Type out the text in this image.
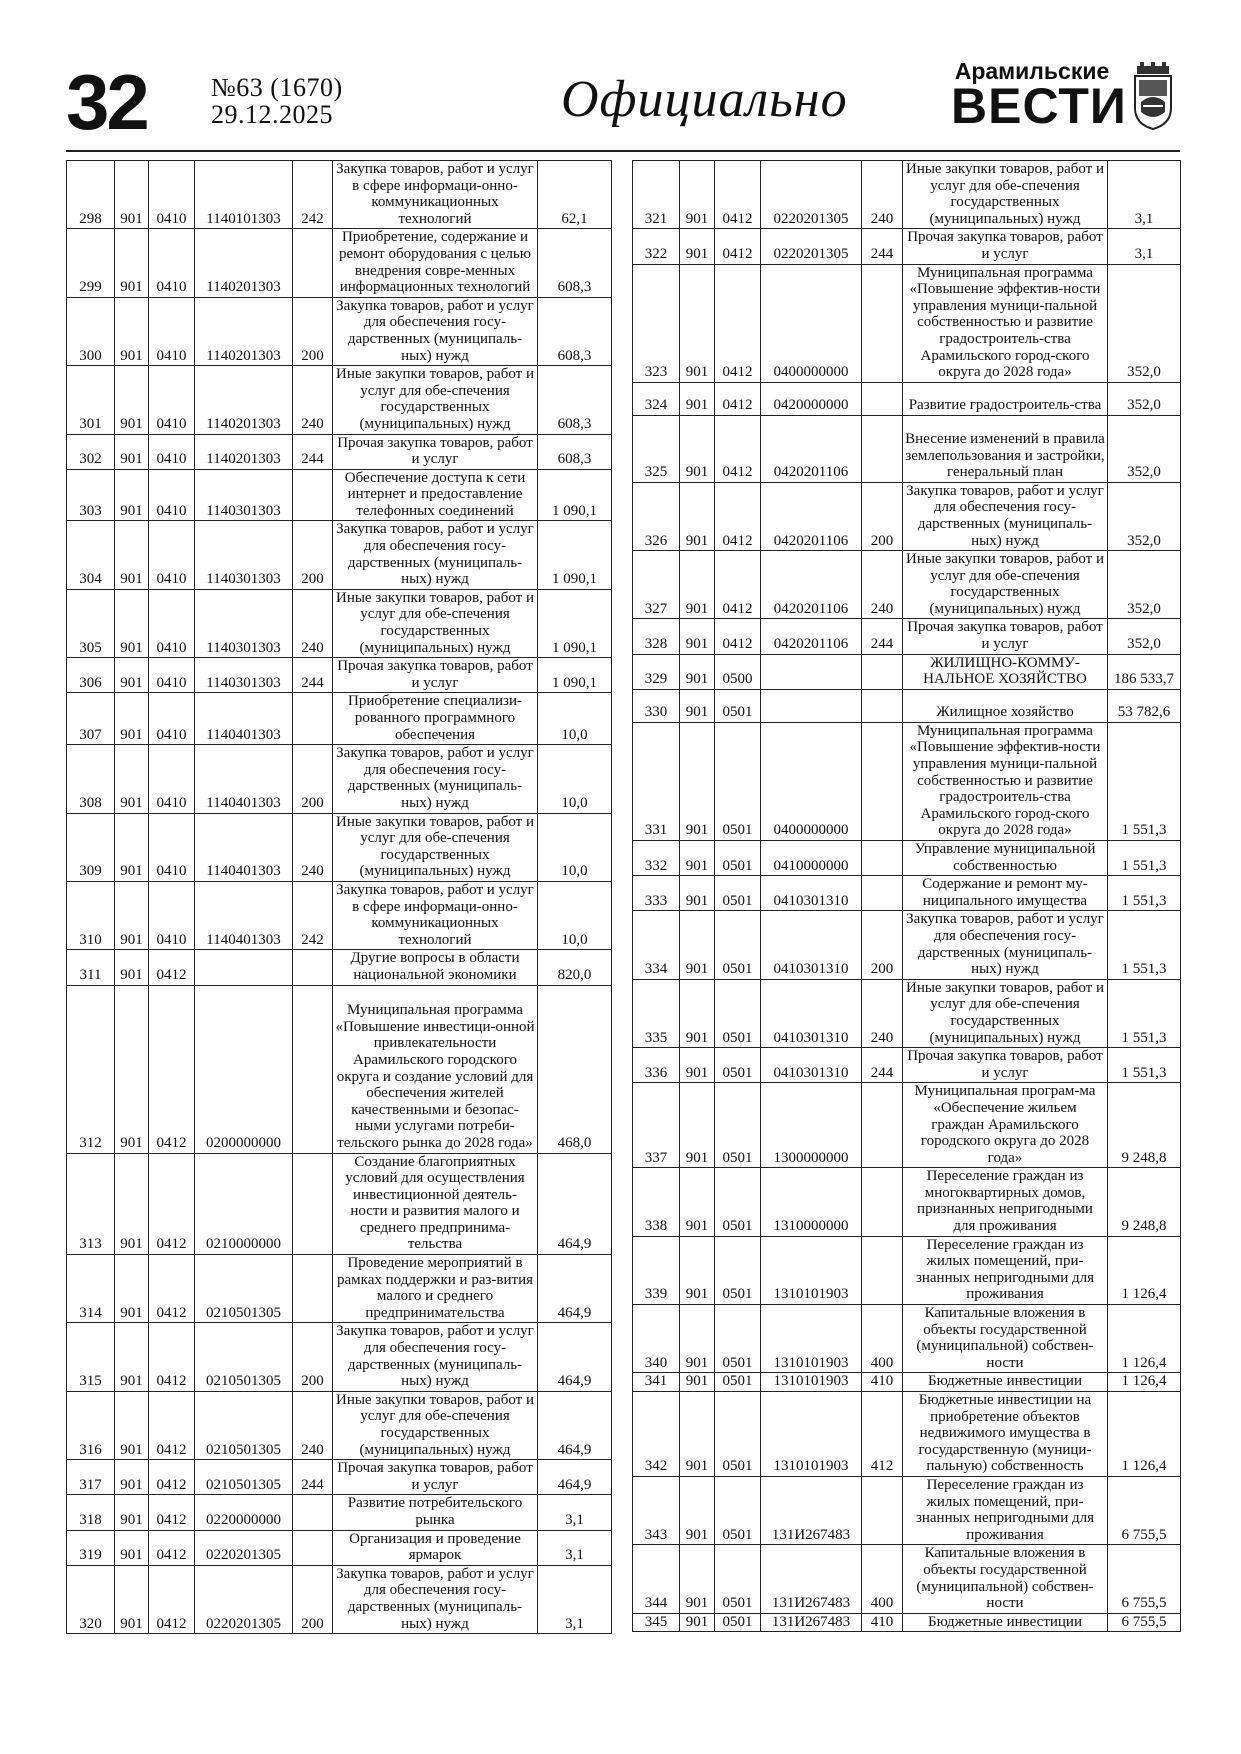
32 №63 (1670)
29.12.2025	Официально	Арамильские
ВЕСТИ
298	901	0410	1140101303	242	Закупка товаров, работ и услуг в сфере информаци-онно-коммуникационных технологий	62,1
299	901	0410	1140201303		Приобретение, содержание и ремонт оборудования с целью внедрения совре-менных информационных технологий	608,3
300	901	0410	1140201303	200	Закупка товаров, работ и услуг для обеспечения госу-дарственных (муниципаль-ных) нужд	608,3
301	901	0410	1140201303	240	Иные закупки товаров, работ и услуг для обе-спечения государственных (муниципальных) нужд	608,3
302	901	0410	1140201303	244	Прочая закупка товаров, работ и услуг	608,3
303	901	0410	1140301303		Обеспечение доступа к сети интернет и предоставление телефонных соединений	1 090,1
304	901	0410	1140301303	200	Закупка товаров, работ и услуг для обеспечения госу-дарственных (муниципаль-ных) нужд	1 090,1
305	901	0410	1140301303	240	Иные закупки товаров, работ и услуг для обе-спечения государственных (муниципальных) нужд	1 090,1
306	901	0410	1140301303	244	Прочая закупка товаров, работ и услуг	1 090,1
307	901	0410	1140401303		Приобретение специализи-рованного программного обеспечения	10,0
308	901	0410	1140401303	200	Закупка товаров, работ и услуг для обеспечения госу-дарственных (муниципаль-ных) нужд	10,0
309	901	0410	1140401303	240	Иные закупки товаров, работ и услуг для обе-спечения государственных (муниципальных) нужд	10,0
310	901	0410	1140401303	242	Закупка товаров, работ и услуг в сфере информаци-онно-коммуникационных технологий	10,0
311	901	0412			Другие вопросы в области национальной экономики	820,0
312	901	0412	0200000000		Муниципальная программа «Повышение инвестици-онной привлекательности Арамильского городского округа и создание условий для обеспечения жителей качественными и безопас-ными услугами потреби-тельского рынка до 2028 года»	468,0
313	901	0412	0210000000		Создание благоприятных условий для осуществления инвестиционной деятель-ности и развития малого и среднего предпринима-тельства	464,9
314	901	0412	0210501305		Проведение мероприятий в рамках поддержки и раз-вития малого и среднего предпринимательства	464,9
315	901	0412	0210501305	200	Закупка товаров, работ и услуг для обеспечения госу-дарственных (муниципаль-ных) нужд	464,9
316	901	0412	0210501305	240	Иные закупки товаров, работ и услуг для обе-спечения государственных (муниципальных) нужд	464,9
317	901	0412	0210501305	244	Прочая закупка товаров, работ и услуг	464,9
318	901	0412	0220000000		Развитие потребительского рынка	3,1
319	901	0412	0220201305		Организация и проведение ярмарок	3,1
320	901	0412	0220201305	200	Закупка товаров, работ и услуг для обеспечения госу-дарственных (муниципаль-ных) нужд	3,1
321	901	0412	0220201305	240	Иные закупки товаров, работ и услуг для обе-спечения государственных (муниципальных) нужд	3,1
322	901	0412	0220201305	244	Прочая закупка товаров, работ и услуг	3,1
323	901	0412	0400000000		Муниципальная программа «Повышение эффектив-ности управления муници-пальной собственностью и развитие градостроитель-ства Арамильского город-ского округа до 2028 года»	352,0
324	901	0412	0420000000		Развитие градостроитель-ства	352,0
325	901	0412	0420201106		Внесение изменений в правила землепользования и застройки, генеральный план	352,0
326	901	0412	0420201106	200	Закупка товаров, работ и услуг для обеспечения госу-дарственных (муниципаль-ных) нужд	352,0
327	901	0412	0420201106	240	Иные закупки товаров, работ и услуг для обе-спечения государственных (муниципальных) нужд	352,0
328	901	0412	0420201106	244	Прочая закупка товаров, работ и услуг	352,0
329	901	0500			ЖИЛИЩНО-КОММУ-НАЛЬНОЕ ХОЗЯЙСТВО	186 533,7
330	901	0501			Жилищное хозяйство	53 782,6
331	901	0501	0400000000		Муниципальная программа «Повышение эффектив-ности управления муници-пальной собственностью и развитие градостроитель-ства Арамильского город-ского округа до 2028 года»	1 551,3
332	901	0501	0410000000		Управление муниципальной собственностью	1 551,3
333	901	0501	0410301310		Содержание и ремонт му-ниципального имущества	1 551,3
334	901	0501	0410301310	200	Закупка товаров, работ и услуг для обеспечения госу-дарственных (муниципаль-ных) нужд	1 551,3
335	901	0501	0410301310	240	Иные закупки товаров, работ и услуг для обе-спечения государственных (муниципальных) нужд	1 551,3
336	901	0501	0410301310	244	Прочая закупка товаров, работ и услуг	1 551,3
337	901	0501	1300000000		Муниципальная програм-ма «Обеспечение жильем граждан Арамильского городского округа до 2028 года»	9 248,8
338	901	0501	1310000000		Переселение граждан из многоквартирных домов, признанных непригодными для проживания	9 248,8
339	901	0501	1310101903		Переселение граждан из жилых помещений, при-знанных непригодными для проживания	1 126,4
340	901	0501	1310101903	400	Капитальные вложения в объекты государственной (муниципальной) собствен-ности	1 126,4
341	901	0501	1310101903	410	Бюджетные инвестиции	1 126,4
342	901	0501	1310101903	412	Бюджетные инвестиции на приобретение объектов недвижимого имущества в государственную (муници-пальную) собственность	1 126,4
343	901	0501	131И267483		Переселение граждан из жилых помещений, при-знанных непригодными для проживания	6 755,5
344	901	0501	131И267483	400	Капитальные вложения в объекты государственной (муниципальной) собствен-ности	6 755,5
345	901	0501	131И267483	410	Бюджетные инвестиции	6 755,5
